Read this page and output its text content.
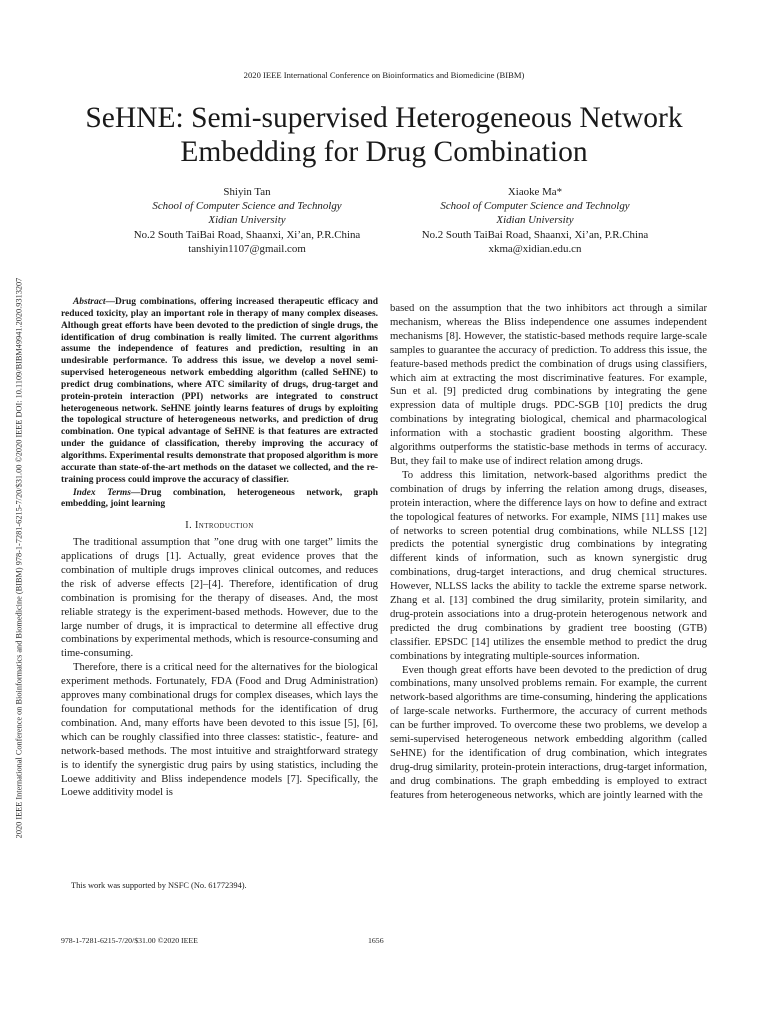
2020 IEEE International Conference on Bioinformatics and Biomedicine (BIBM) 978-1-7281-6215-7/20/$31.00 ©2020 IEEE DOI: 10.1109/BIBM49941.2020.9313207
2020 IEEE International Conference on Bioinformatics and Biomedicine (BIBM)
SeHNE: Semi-supervised Heterogeneous Network
Embedding for Drug Combination
Shiyin Tan
School of Computer Science and Technolgy
Xidian University
No.2 South TaiBai Road, Shaanxi, Xi’an, P.R.China
tanshiyin1107@gmail.com
Xiaoke Ma*
School of Computer Science and Technolgy
Xidian University
No.2 South TaiBai Road, Shaanxi, Xi’an, P.R.China
xkma@xidian.edu.cn

Abstract—Drug combinations, offering increased therapeutic efficacy and reduced toxicity, play an important role in therapy of many complex diseases. Although great efforts have been devoted to the prediction of single drugs, the identification of drug combination is really limited. The current algorithms assume the independence of features and prediction, resulting in an undesirable performance. To address this issue, we develop a novel semi-supervised heterogeneous network embedding algorithm (called SeHNE) to predict drug combinations, where ATC similarity of drugs, drug-target and protein-protein interaction (PPI) networks are integrated to construct heterogeneous network. SeHNE jointly learns features of drugs by exploiting the topological structure of heterogeneous networks, and prediction of drug combination. One typical advantage of SeHNE is that features are extracted under the guidance of classification, thereby improving the accuracy of algorithms. Experimental results demonstrate that proposed algorithm is more accurate than state-of-the-art methods on the dataset we collected, and the re-training process could improve the accuracy of classifier.

Index Terms—Drug combination, heterogeneous network, graph embedding, joint learning

I. Introduction

The traditional assumption that ”one drug with one target” limits the applications of drugs [1]. Actually, great evidence proves that the combination of multiple drugs improves clinical outcomes, and reduces the risk of adverse effects [2]–[4]. Therefore, identification of drug combination is promising for the therapy of diseases. And, the most reliable strategy is the experiment-based methods. However, due to the large number of drugs, it is impractical to determine all effective drug combinations by experimental methods, which is resource-consuming and time-consuming.

Therefore, there is a critical need for the alternatives for the biological experiment methods. Fortunately, FDA (Food and Drug Administration) approves many combinational drugs for complex diseases, which lays the foundation for computational methods for the identification of drug combination. And, many efforts have been devoted to this issue [5], [6], which can be roughly classified into three classes: statistic-, feature- and network-based methods. The most intuitive and straightforward strategy is to identify the synergistic drug pairs by using statistics, including the Loewe additivity and Bliss independence models [7]. Specifically, the Loewe additivity model is

based on the assumption that the two inhibitors act through a similar mechanism, whereas the Bliss independence one assumes independent mechanisms [8]. However, the statistic-based methods require large-scale samples to guarantee the accuracy of prediction. To address this issue, the feature-based methods predict the combination of drugs using classifiers, which aim at extracting the most discriminative features. For example, Sun et al. [9] predicted drug combinations by integrating the gene expression data of multiple drugs. PDC-SGB [10] predicts the drug combinations by integrating biological, chemical and pharmacological information with a stochastic gradient boosting algorithm. These algorithms outperforms the statistic-base methods in terms of accuracy. But, they fail to make use of indirect relation among drugs.

To address this limitation, network-based algorithms predict the combination of drugs by inferring the relation among drugs, diseases, protein interaction, where the difference lays on how to define and extract the topological features of networks. For example, NIMS [11] makes use of networks to screen potential drug combinations, while NLLSS [12] predicts the potential synergistic drug combinations by integrating different kinds of information, such as known synergistic drug combinations, drug-target interactions, and drug chemical structures. However, NLLSS lacks the ability to tackle the extreme sparse network. Zhang et al. [13] combined the drug similarity, protein similarity, and drug-protein associations into a drug-protein heterogenous network and predicted the drug combinations by gradient tree boosting (GTB) classifier. EPSDC [14] utilizes the ensemble method to predict the drug combinations by integrating multiple-sources information.

Even though great efforts have been devoted to the prediction of drug combinations, many unsolved problems remain. For example, the current network-based algorithms are time-consuming, hindering the applications of large-scale networks. Furthermore, the accuracy of current methods can be further improved. To overcome these two problems, we develop a semi-supervised heterogeneous network embedding algorithm (called SeHNE) for the identification of drug combination, which integrates drug-drug similarity, protein-protein interactions, drug-target information, and drug combinations. The graph embedding is employed to extract features from heterogeneous networks, which are jointly learned with the

This work was supported by NSFC (No. 61772394).
978-1-7281-6215-7/20/$31.00 ©2020 IEEE	1656
